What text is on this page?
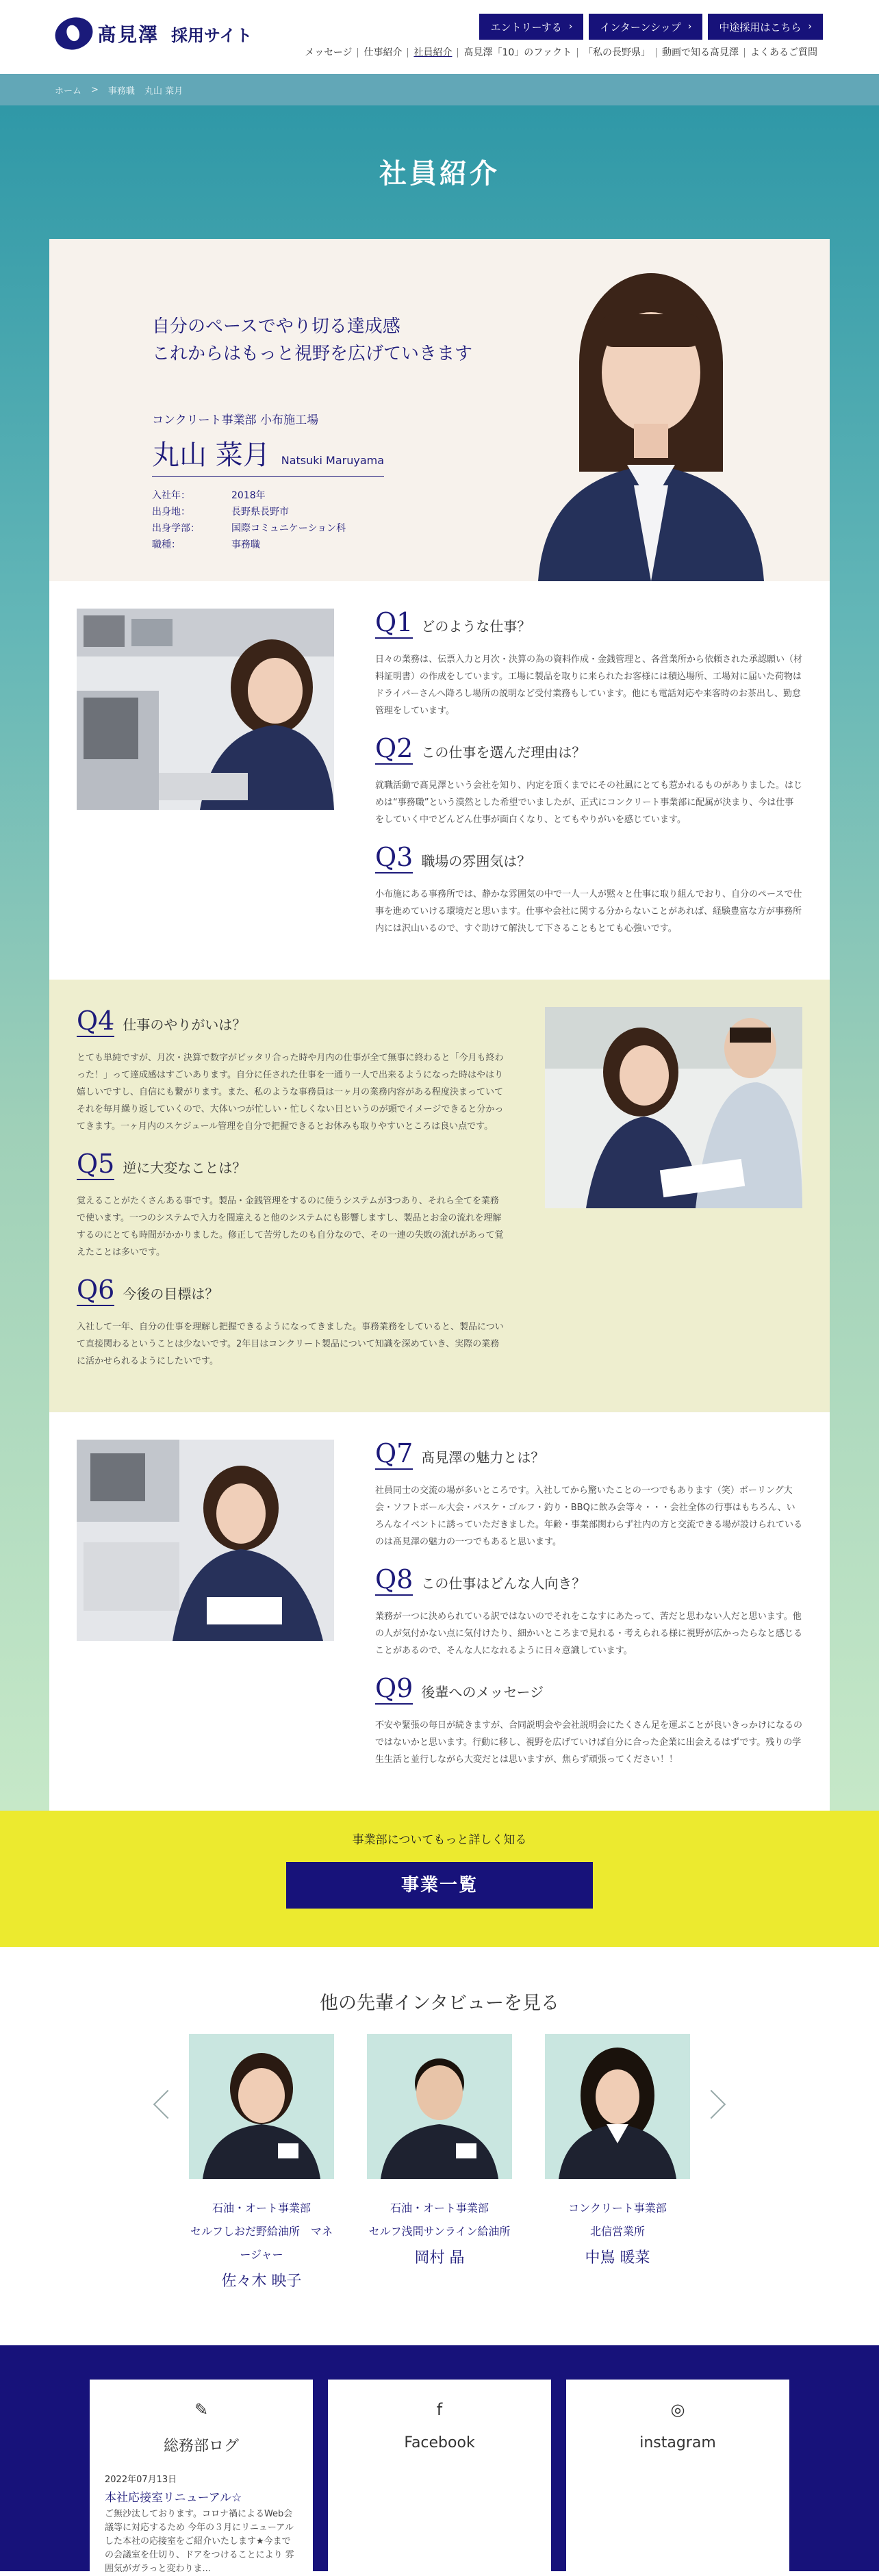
髙見澤 採用サイト	エントリーする ›	インターンシップ ›	中途採用はこちら ›
メッセージ	仕事紹介	社員紹介	髙見澤「10」のファクト	「私の長野県」	動画で知る髙見澤	よくあるご質問
ホーム > 事務職 丸山 菜月
社員紹介
自分のペースでやり切る達成感
これからはもっと視野を広げていきます
コンクリート事業部 小布施工場
丸山 菜月 Natsuki Maruyama
入社年：	2018年
出身地：	長野県長野市
出身学部：	国際コミュニケーション科
職種：	事務職
Q1 どのような仕事？

日々の業務は、伝票入力と月次・決算の為の資料作成・金銭管理と、各営業所から依頼された承認願い（材料証明書）の作成をしています。工場に製品を取りに来られたお客様には積込場所、工場対に届いた荷物はドライバーさんへ降ろし場所の説明など受付業務もしています。他にも電話対応や来客時のお茶出し、勤怠管理をしています。

Q2 この仕事を選んだ理由は？

就職活動で髙見澤という会社を知り、内定を頂くまでにその社風にとても惹かれるものがありました。はじめは“事務職”という漠然とした希望でいましたが、正式にコンクリート事業部に配属が決まり、今は仕事をしていく中でどんどん仕事が面白くなり、とてもやりがいを感じています。

Q3 職場の雰囲気は？

小布施にある事務所では、静かな雰囲気の中で一人一人が黙々と仕事に取り組んでおり、自分のペースで仕事を進めていける環境だと思います。仕事や会社に関する分からないことがあれば、経験豊富な方が事務所内には沢山いるので、すぐ助けて解決して下さることもとても心強いです。

Q4 仕事のやりがいは？

とても単純ですが、月次・決算で数字がピッタリ合った時や月内の仕事が全て無事に終わると「今月も終わった！」って達成感はすごいあります。自分に任された仕事を一通り一人で出来るようになった時はやはり嬉しいですし、自信にも繋がります。また、私のような事務員は一ヶ月の業務内容がある程度決まっていてそれを毎月繰り返していくので、大体いつが忙しい・忙しくない日というのが頭でイメージできると分かってきます。一ヶ月内のスケジュール管理を自分で把握できるとお休みも取りやすいところは良い点です。

Q5 逆に大変なことは？

覚えることがたくさんある事です。製品・金銭管理をするのに使うシステムが3つあり、それら全てを業務で使います。一つのシステムで入力を間違えると他のシステムにも影響しますし、製品とお金の流れを理解するのにとても時間がかかりました。修正して苦労したのも自分なので、その一連の失敗の流れがあって覚えたことは多いです。

Q6 今後の目標は？

入社して一年、自分の仕事を理解し把握できるようになってきました。事務業務をしていると、製品について直接関わるということは少ないです。2年目はコンクリート製品について知識を深めていき、実際の業務に活かせられるようにしたいです。

Q7 髙見澤の魅力とは？

社員同士の交流の場が多いところです。入社してから驚いたことの一つでもあります（笑）ボーリング大会・ソフトボール大会・バスケ・ゴルフ・釣り・BBQに飲み会等々・・・会社全体の行事はもちろん、いろんなイベントに誘っていただきました。年齢・事業部関わらず社内の方と交流できる場が設けられているのは髙見澤の魅力の一つでもあると思います。

Q8 この仕事はどんな人向き？

業務が一つに決められている訳ではないのでそれをこなすにあたって、苦だと思わない人だと思います。他の人が気付かない点に気付けたり、細かいところまで見れる・考えられる様に視野が広かったらなと感じることがあるので、そんな人になれるように日々意識しています。

Q9 後輩へのメッセージ

不安や緊張の毎日が続きますが、合同説明会や会社説明会にたくさん足を運ぶことが良いきっかけになるのではないかと思います。行動に移し、視野を広げていけば自分に合った企業に出会えるはずです。残りの学生生活と並行しながら大変だとは思いますが、焦らず頑張ってください！！

事業部についてもっと詳しく知る
事業一覧
他の先輩インタビューを見る
石油・オート事業部
セルフしおだ野給油所　マネージャー
佐々木 映子
石油・オート事業部
セルフ浅間サンライン給油所
岡村 晶
コンクリート事業部
北信営業所
中嶌 暖菜
✎
総務部ログ
2022年07月13日
本社応接室リニューアル☆
ご無沙汰しております。コロナ禍によるWeb会議等に対応するため 今年の３月にリニューアルした本社の応接室をご紹介いたします★今までの会議室を仕切り、ドアをつけることにより 雰囲気がガラっと変わりま...
f
Facebook
◎
instagram
